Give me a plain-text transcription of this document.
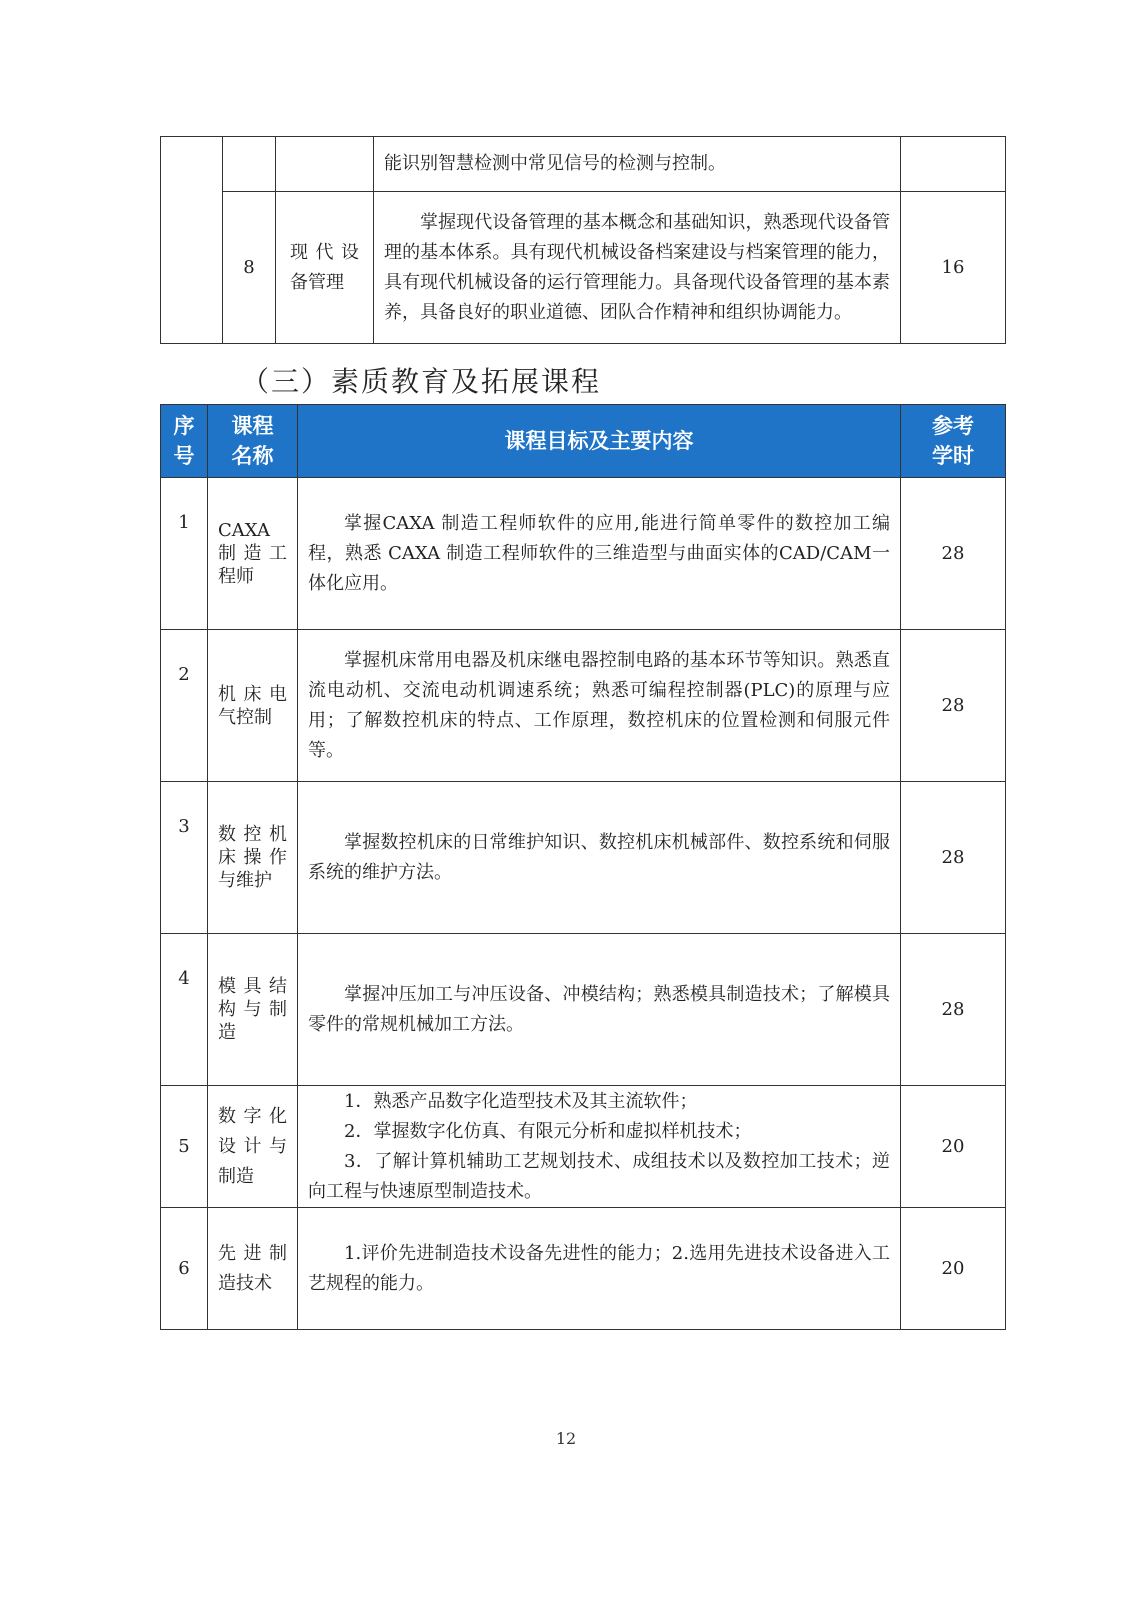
			能识别智慧检测中常见信号的检测与控制。	
	8	现代设备管理	掌握现代设备管理的基本概念和基础知识，熟悉现代设备管理的基本体系。具有现代机械设备档案建设与档案管理的能力，具有现代机械设备的运行管理能力。具备现代设备管理的基本素养，具备良好的职业道德、团队合作精神和组织协调能力。	16
（三）素质教育及拓展课程
序号	课程名称	课程目标及主要内容	参考学时

1	CAXA 制造工程师	掌握CAXA 制造工程师软件的应用,能进行简单零件的数控加工编程，熟悉 CAXA 制造工程师软件的三维造型与曲面实体的CAD/CAM一体化应用。	28
2	机床电气控制	掌握机床常用电器及机床继电器控制电路的基本环节等知识。熟悉直流电动机、交流电动机调速系统；熟悉可编程控制器(PLC)的原理与应用；了解数控机床的特点、工作原理，数控机床的位置检测和伺服元件等。	28
3	数控机床操作与维护	掌握数控机床的日常维护知识、数控机床机械部件、数控系统和伺服系统的维护方法。	28
4	模具结构与制造	掌握冲压加工与冲压设备、冲模结构；熟悉模具制造技术；了解模具零件的常规机械加工方法。	28
5	数字化设计与制造	1．熟悉产品数字化造型技术及其主流软件；

2．掌握数字化仿真、有限元分析和虚拟样机技术；

3．了解计算机辅助工艺规划技术、成组技术以及数控加工技术；逆向工程与快速原型制造技术。	20
6	先进制造技术	1.评价先进制造技术设备先进性的能力；2.选用先进技术设备进入工艺规程的能力。	20
12
